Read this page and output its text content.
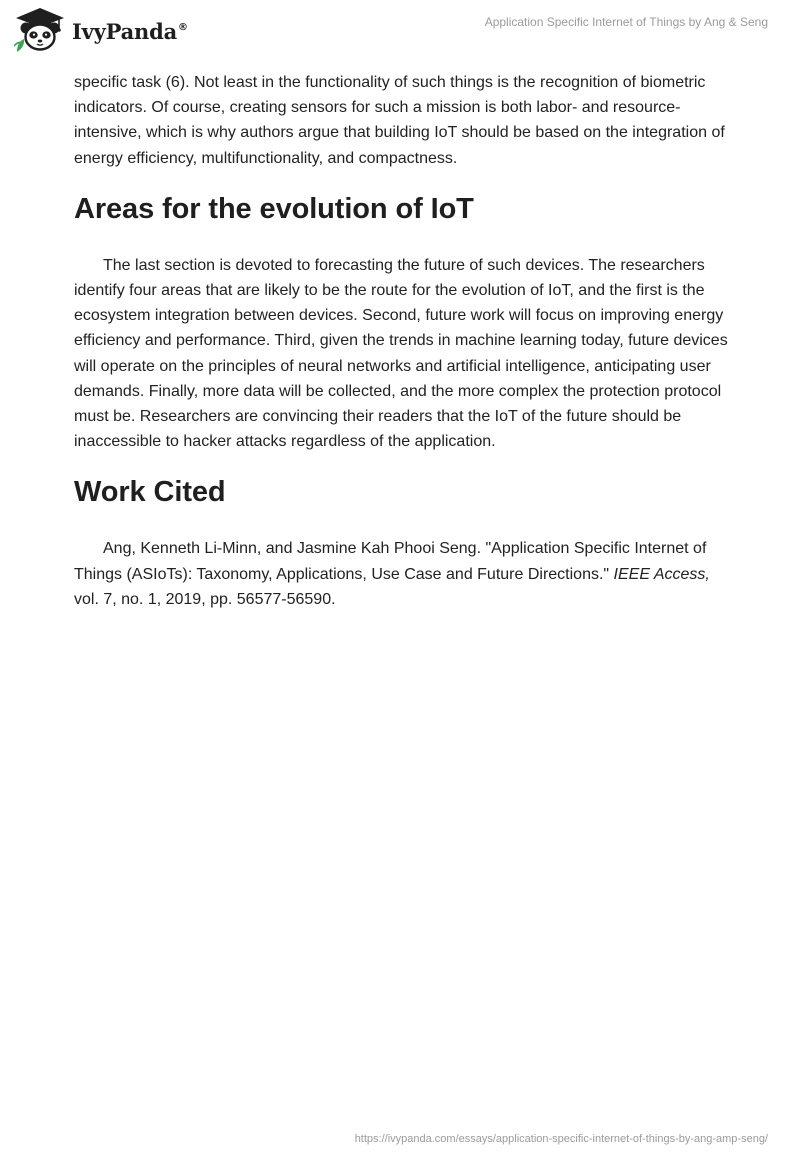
IvyPanda®	Application Specific Internet of Things by Ang & Seng

specific task (6). Not least in the functionality of such things is the recognition of biometric indicators. Of course, creating sensors for such a mission is both labor- and resource-intensive, which is why authors argue that building IoT should be based on the integration of energy efficiency, multifunctionality, and compactness.

Areas for the evolution of IoT

The last section is devoted to forecasting the future of such devices. The researchers identify four areas that are likely to be the route for the evolution of IoT, and the first is the ecosystem integration between devices. Second, future work will focus on improving energy efficiency and performance. Third, given the trends in machine learning today, future devices will operate on the principles of neural networks and artificial intelligence, anticipating user demands. Finally, more data will be collected, and the more complex the protection protocol must be. Researchers are convincing their readers that the IoT of the future should be inaccessible to hacker attacks regardless of the application.

Work Cited

Ang, Kenneth Li-Minn, and Jasmine Kah Phooi Seng. "Application Specific Internet of Things (ASIoTs): Taxonomy, Applications, Use Case and Future Directions." IEEE Access, vol. 7, no. 1, 2019, pp. 56577-56590.

https://ivypanda.com/essays/application-specific-internet-of-things-by-ang-amp-seng/
